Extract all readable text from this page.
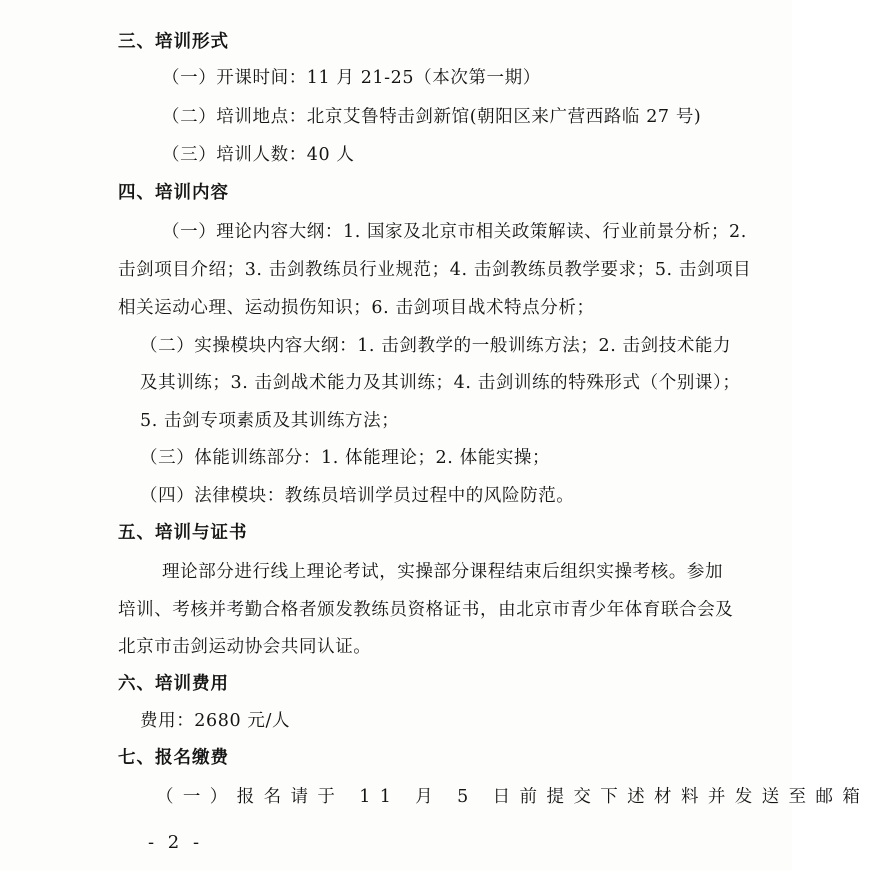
三、培训形式
（一）开课时间：11 月 21-25（本次第一期）
（二）培训地点：北京艾鲁特击剑新馆(朝阳区来广营西路临 27 号)
（三）培训人数：40 人
四、培训内容
（一）理论内容大纲：1. 国家及北京市相关政策解读、行业前景分析；2.
击剑项目介绍；3. 击剑教练员行业规范；4. 击剑教练员教学要求；5. 击剑项目
相关运动心理、运动损伤知识；6. 击剑项目战术特点分析；
（二）实操模块内容大纲：1. 击剑教学的一般训练方法；2. 击剑技术能力
及其训练；3. 击剑战术能力及其训练；4. 击剑训练的特殊形式（个别课）；
5. 击剑专项素质及其训练方法；
（三）体能训练部分：1. 体能理论；2. 体能实操；
（四）法律模块：教练员培训学员过程中的风险防范。
五、培训与证书
理论部分进行线上理论考试，实操部分课程结束后组织实操考核。参加
培训、考核并考勤合格者颁发教练员资格证书，由北京市青少年体育联合会及
北京市击剑运动协会共同认证。
六、培训费用
费用：2680 元/人
七、报名缴费
（一）报名请于 11 月 5 日前提交下述材料并发送至邮箱
- 2 -
